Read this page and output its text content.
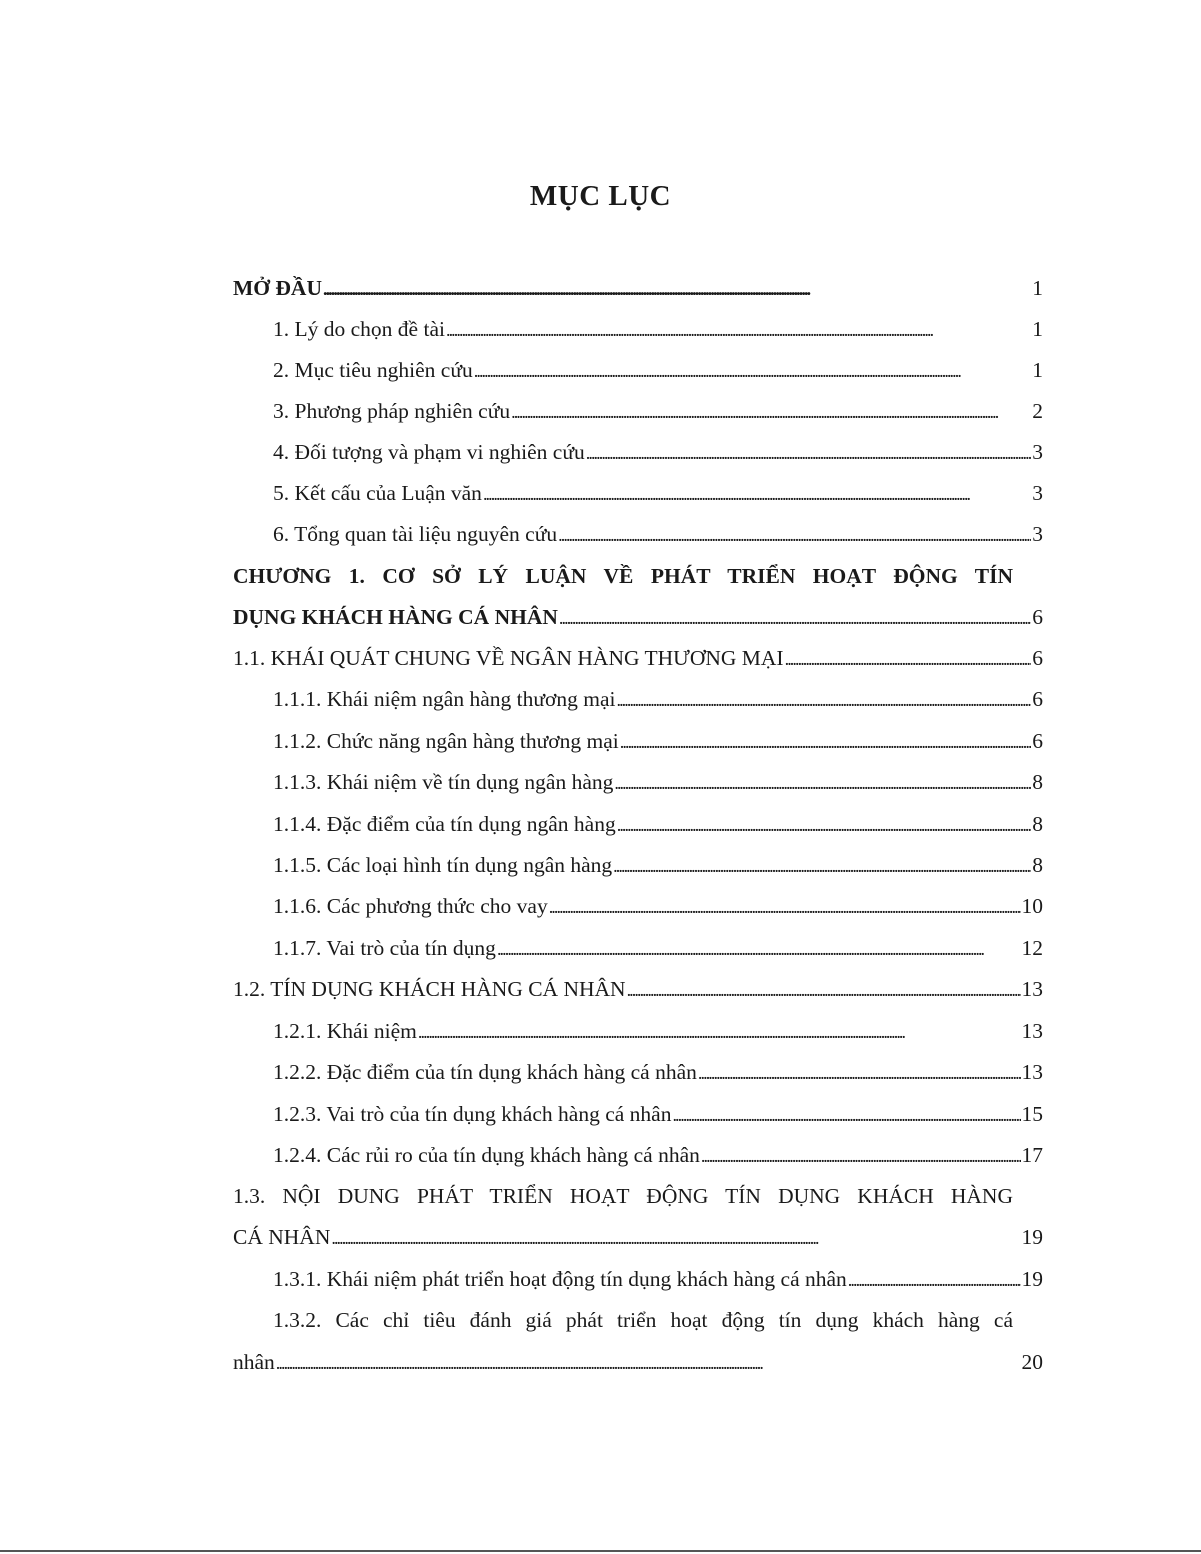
MỤC LỤC
MỞ ĐẦU . . .	1
1. Lý do chọn đề tài . . .	1
2. Mục tiêu nghiên cứu . . .	1
3. Phương pháp nghiên cứu . . .	2
4. Đối tượng và phạm vi nghiên cứu . . .	3
5. Kết cấu của Luận văn . . .	3
6. Tổng quan tài liệu nguyên cứu . . .	3
CHƯƠNG 1. CƠ SỞ LÝ LUẬN VỀ PHÁT TRIỂN HOẠT ĐỘNG TÍN
DỤNG KHÁCH HÀNG CÁ NHÂN . . .	6
1.1. KHÁI QUÁT CHUNG VỀ NGÂN HÀNG THƯƠNG MẠI . . .	6
1.1.1. Khái niệm ngân hàng thương mại . . .	6
1.1.2. Chức năng ngân hàng thương mại . . .	6
1.1.3. Khái niệm về tín dụng ngân hàng . . .	8
1.1.4. Đặc điểm của tín dụng ngân hàng . . .	8
1.1.5. Các loại hình tín dụng ngân hàng . . .	8
1.1.6. Các phương thức cho vay . . .	10
1.1.7. Vai trò của tín dụng . . .	12
1.2. TÍN DỤNG KHÁCH HÀNG CÁ NHÂN . . .	13
1.2.1. Khái niệm . . .	13
1.2.2. Đặc điểm của tín dụng khách hàng cá nhân . . .	13
1.2.3. Vai trò của tín dụng khách hàng cá nhân . . .	15
1.2.4. Các rủi ro của tín dụng khách hàng cá nhân . . .	17
1.3. NỘI DUNG PHÁT TRIỂN HOẠT ĐỘNG TÍN DỤNG KHÁCH HÀNG
CÁ NHÂN . . .	19
1.3.1. Khái niệm phát triển hoạt động tín dụng khách hàng cá nhân . . .	19
1.3.2. Các chỉ tiêu đánh giá phát triển hoạt động tín dụng khách hàng cá
nhân . . .	20
